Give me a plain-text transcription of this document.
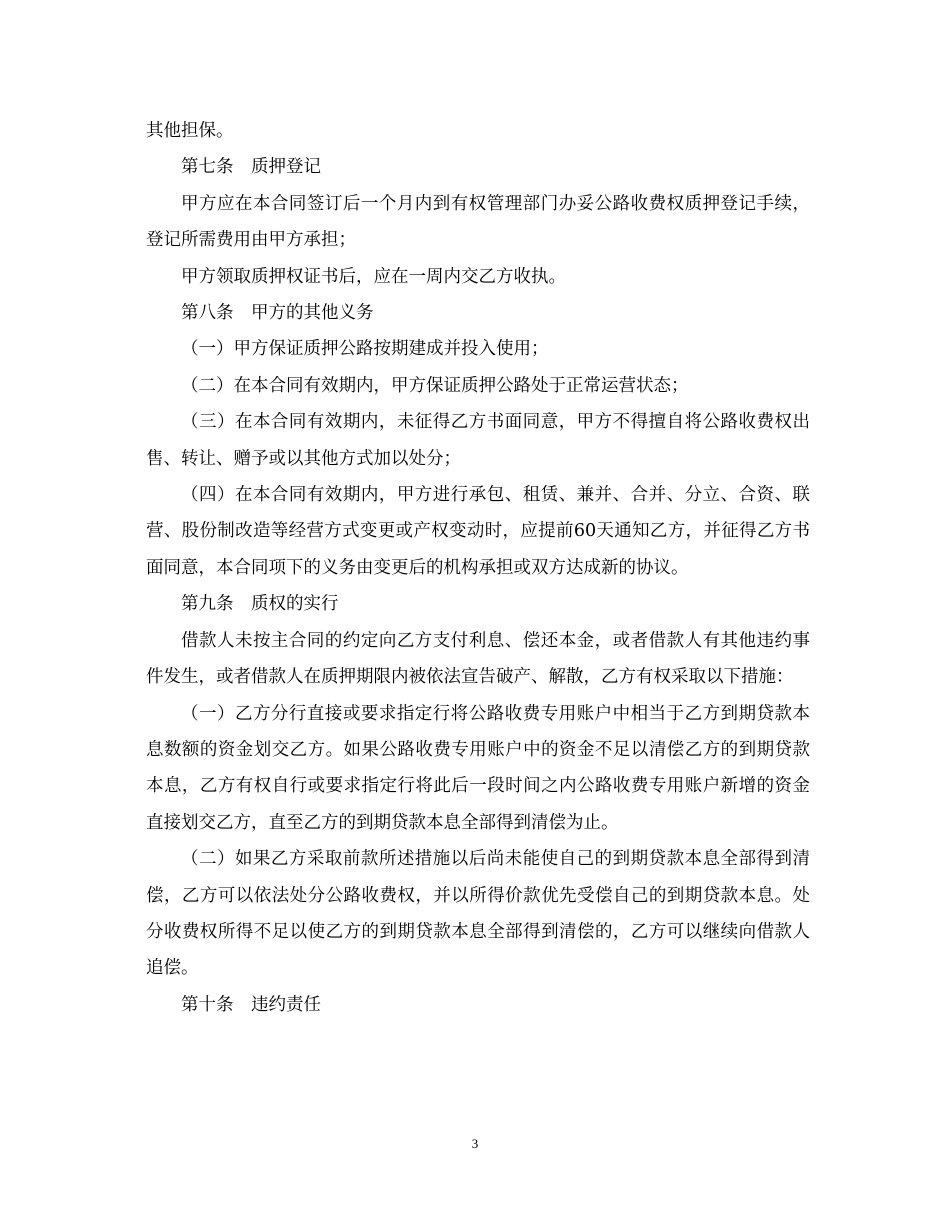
其他担保。

第七条 质押登记

甲方应在本合同签订后一个月内到有权管理部门办妥公路收费权质押登记手续，登记所需费用由甲方承担；

甲方领取质押权证书后，应在一周内交乙方收执。

第八条 甲方的其他义务

（一）甲方保证质押公路按期建成并投入使用；

（二）在本合同有效期内，甲方保证质押公路处于正常运营状态；

（三）在本合同有效期内，未征得乙方书面同意，甲方不得擅自将公路收费权出售、转让、赠予或以其他方式加以处分；

（四）在本合同有效期内，甲方进行承包、租赁、兼并、合并、分立、合资、联营、股份制改造等经营方式变更或产权变动时，应提前60天通知乙方，并征得乙方书面同意，本合同项下的义务由变更后的机构承担或双方达成新的协议。

第九条 质权的实行

借款人未按主合同的约定向乙方支付利息、偿还本金，或者借款人有其他违约事件发生，或者借款人在质押期限内被依法宣告破产、解散，乙方有权采取以下措施：

（一）乙方分行直接或要求指定行将公路收费专用账户中相当于乙方到期贷款本息数额的资金划交乙方。如果公路收费专用账户中的资金不足以清偿乙方的到期贷款本息，乙方有权自行或要求指定行将此后一段时间之内公路收费专用账户新增的资金直接划交乙方，直至乙方的到期贷款本息全部得到清偿为止。

（二）如果乙方采取前款所述措施以后尚未能使自己的到期贷款本息全部得到清偿，乙方可以依法处分公路收费权，并以所得价款优先受偿自己的到期贷款本息。处分收费权所得不足以使乙方的到期贷款本息全部得到清偿的，乙方可以继续向借款人追偿。

第十条 违约责任

3
